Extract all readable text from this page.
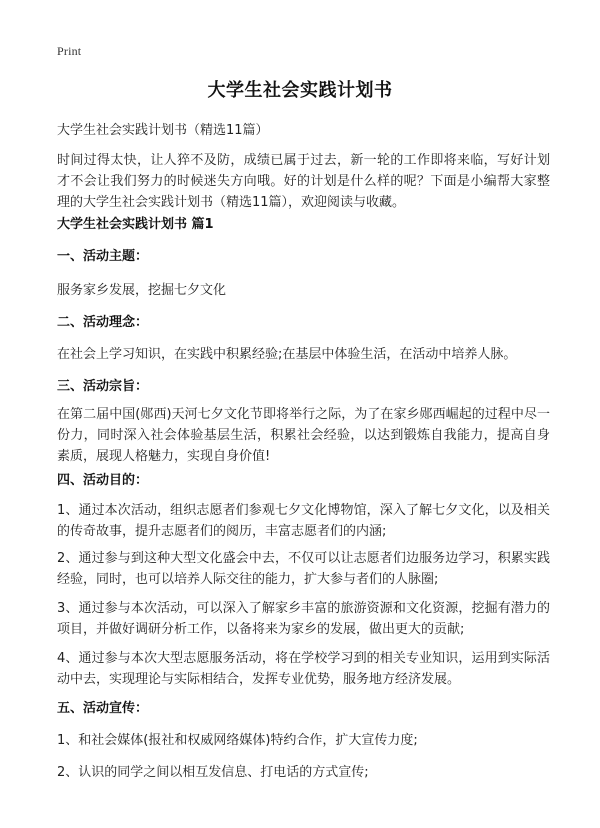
Print
大学生社会实践计划书

大学生社会实践计划书（精选11篇）

时间过得太快，让人猝不及防，成绩已属于过去，新一轮的工作即将来临，写好计划才不会让我们努力的时候迷失方向哦。好的计划是什么样的呢？下面是小编帮大家整理的大学生社会实践计划书（精选11篇），欢迎阅读与收藏。

大学生社会实践计划书 篇1

一、活动主题：

服务家乡发展，挖掘七夕文化

二、活动理念：

在社会上学习知识，在实践中积累经验;在基层中体验生活，在活动中培养人脉。

三、活动宗旨：

在第二届中国(郧西)天河七夕文化节即将举行之际，为了在家乡郧西崛起的过程中尽一份力，同时深入社会体验基层生活，积累社会经验，以达到锻炼自我能力，提高自身素质，展现人格魅力，实现自身价值!

四、活动目的：

1、通过本次活动，组织志愿者们参观七夕文化博物馆，深入了解七夕文化，以及相关的传奇故事，提升志愿者们的阅历，丰富志愿者们的内涵;

2、通过参与到这种大型文化盛会中去，不仅可以让志愿者们边服务边学习，积累实践经验，同时，也可以培养人际交往的能力，扩大参与者们的人脉圈;

3、通过参与本次活动，可以深入了解家乡丰富的旅游资源和文化资源，挖掘有潜力的项目，并做好调研分析工作，以备将来为家乡的发展，做出更大的贡献;

4、通过参与本次大型志愿服务活动，将在学校学习到的相关专业知识，运用到实际活动中去，实现理论与实际相结合，发挥专业优势，服务地方经济发展。

五、活动宣传：

1、和社会媒体(报社和权威网络媒体)特约合作，扩大宣传力度;

2、认识的同学之间以相互发信息、打电话的方式宣传;
